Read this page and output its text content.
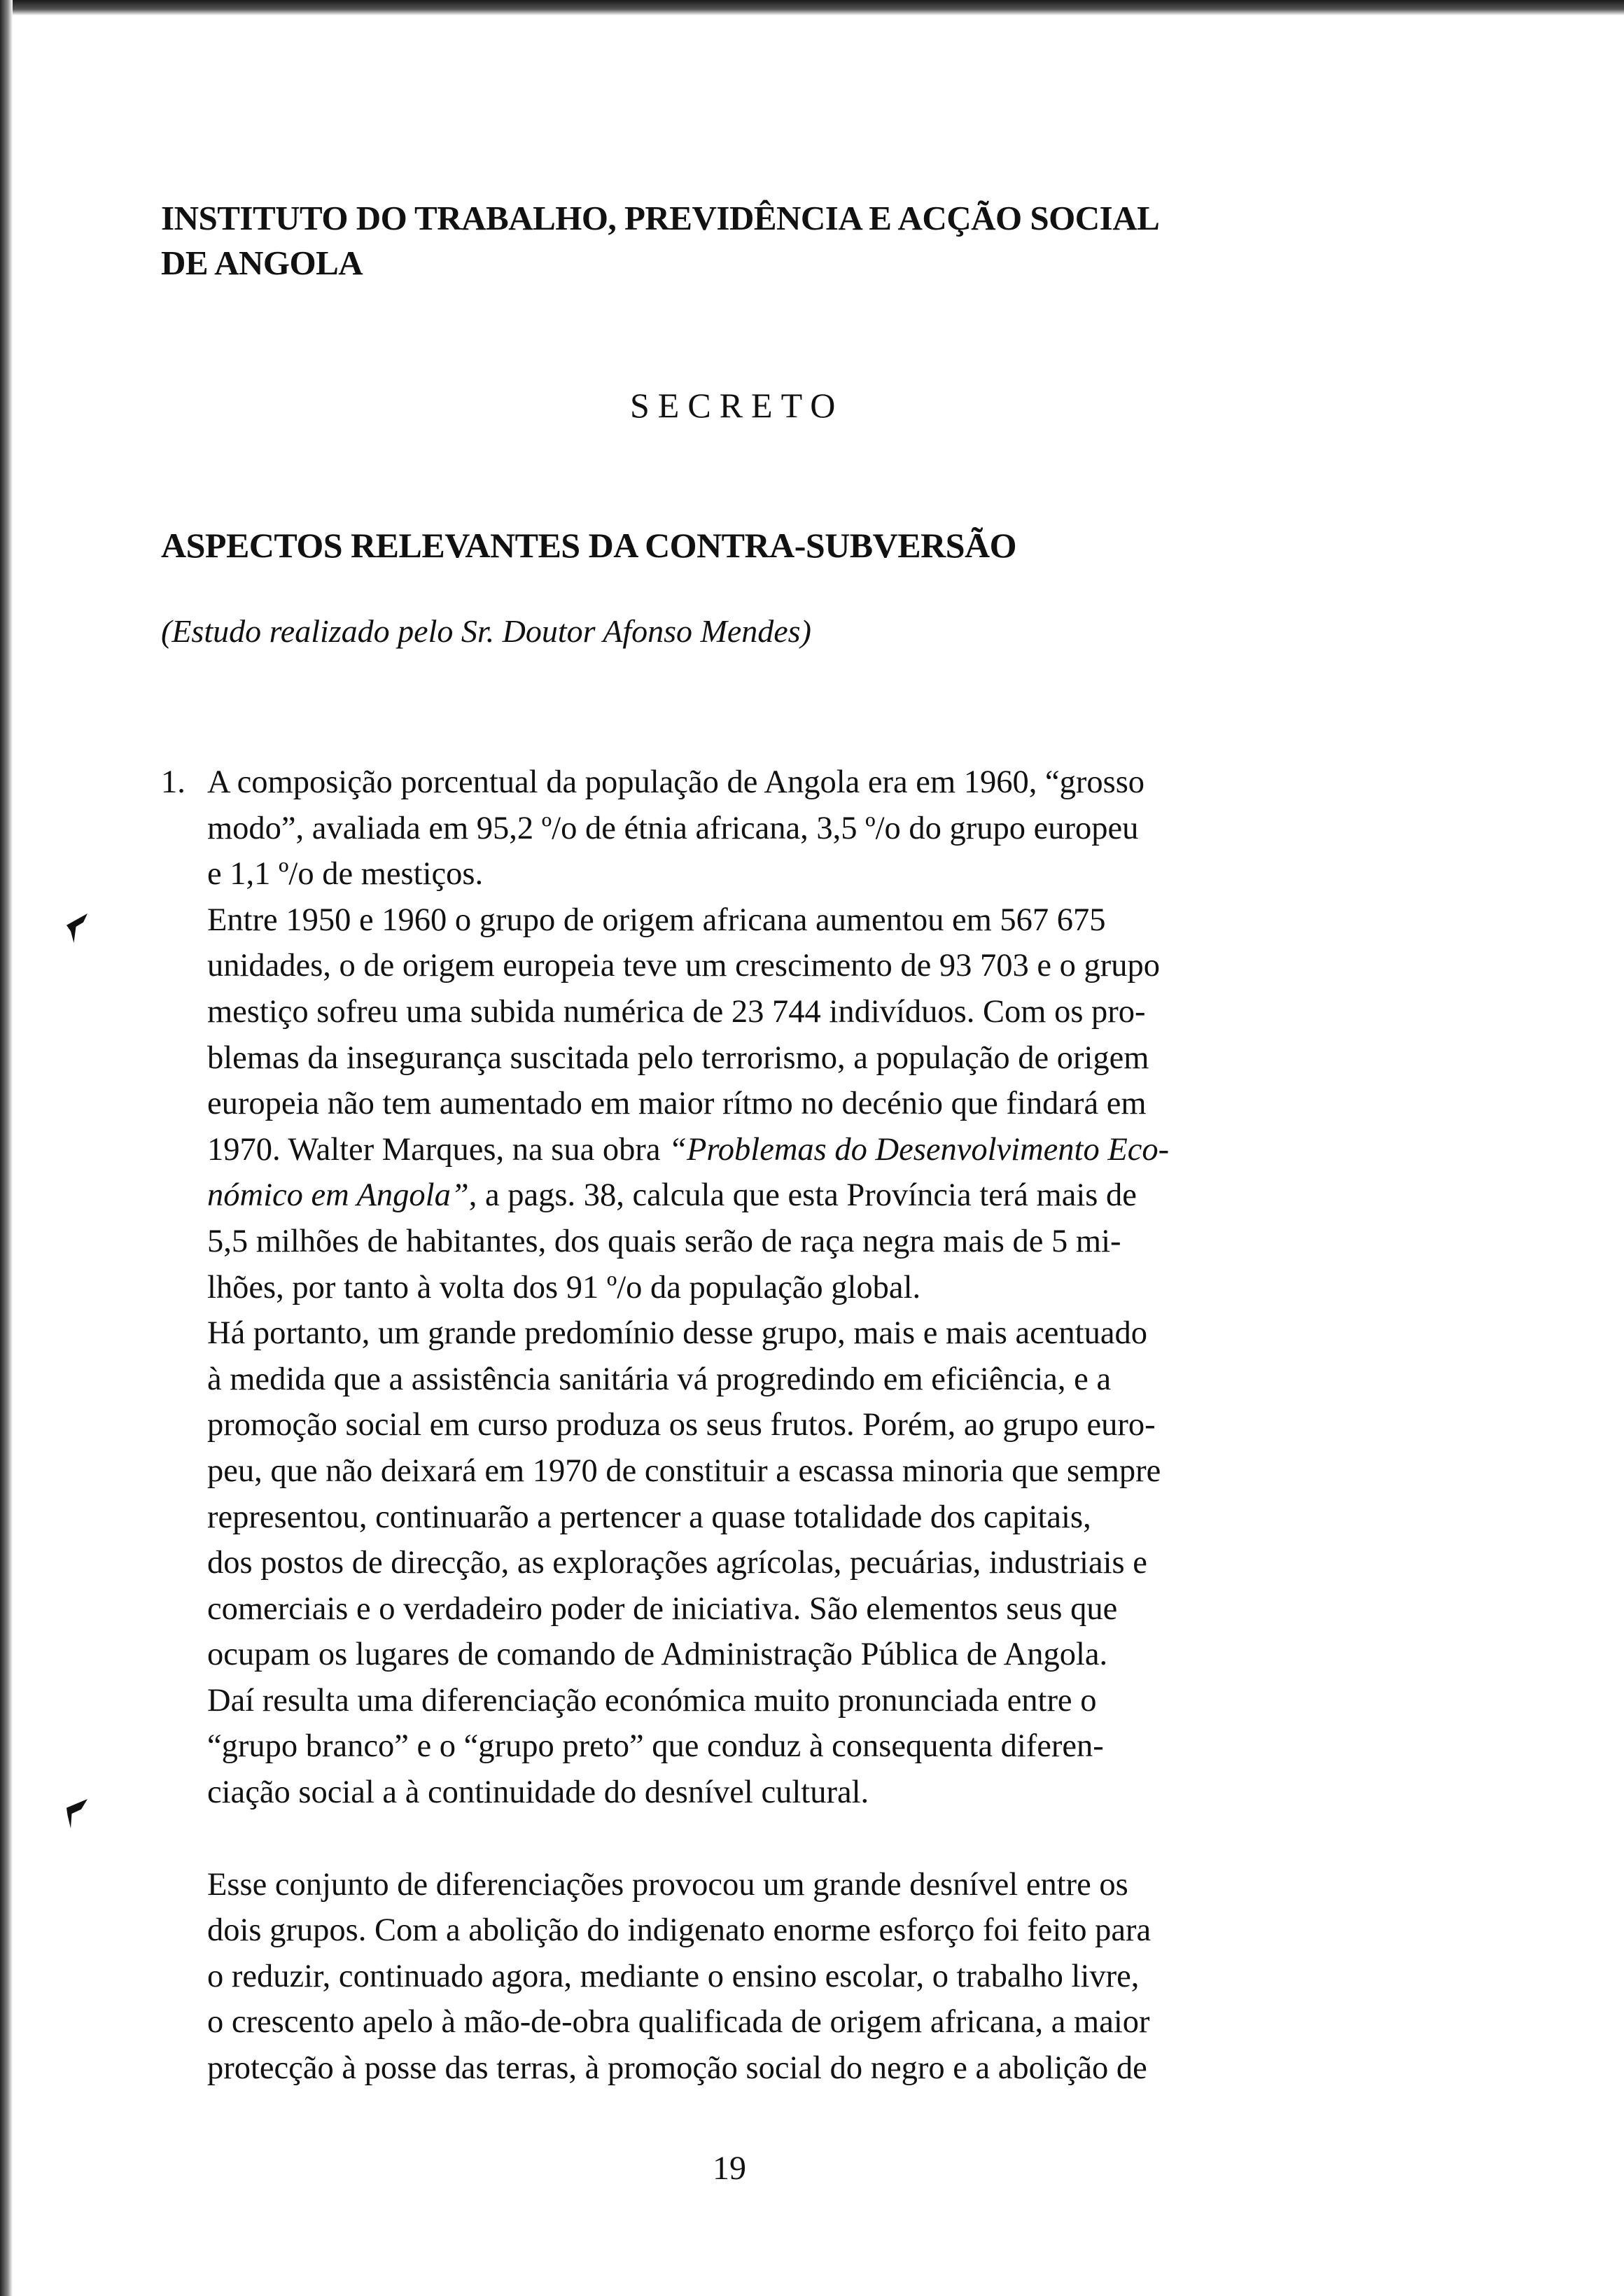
INSTITUTO DO TRABALHO, PREVIDÊNCIA E ACÇÃO SOCIAL

DE ANGOLA

SECRETO

ASPECTOS RELEVANTES DA CONTRA-SUBVERSÃO

(Estudo realizado pelo Sr. Doutor Afonso Mendes)

1. A composição porcentual da população de Angola era em 1960, “grosso
modo”, avaliada em 95,2 º/o de étnia africana, 3,5 º/o do grupo europeu
e 1,1 º/o de mestiços.
Entre 1950 e 1960 o grupo de origem africana aumentou em 567 675
unidades, o de origem europeia teve um crescimento de 93 703 e o grupo
mestiço sofreu uma subida numérica de 23 744 indivíduos. Com os pro-
blemas da insegurança suscitada pelo terrorismo, a população de origem
europeia não tem aumentado em maior rítmo no decénio que findará em
1970. Walter Marques, na sua obra “Problemas do Desenvolvimento Eco-
nómico em Angola”, a pags. 38, calcula que esta Província terá mais de
5,5 milhões de habitantes, dos quais serão de raça negra mais de 5 mi-
lhões, por tanto à volta dos 91 º/o da população global.
Há portanto, um grande predomínio desse grupo, mais e mais acentuado
à medida que a assistência sanitária vá progredindo em eficiência, e a
promoção social em curso produza os seus frutos. Porém, ao grupo euro-
peu, que não deixará em 1970 de constituir a escassa minoria que sempre
representou, continuarão a pertencer a quase totalidade dos capitais,
dos postos de direcção, as explorações agrícolas, pecuárias, industriais e
comerciais e o verdadeiro poder de iniciativa. São elementos seus que
ocupam os lugares de comando de Administração Pública de Angola.
Daí resulta uma diferenciação económica muito pronunciada entre o
“grupo branco” e o “grupo preto” que conduz à consequenta diferen-
ciação social a à continuidade do desnível cultural.
Esse conjunto de diferenciações provocou um grande desnível entre os
dois grupos. Com a abolição do indigenato enorme esforço foi feito para
o reduzir, continuado agora, mediante o ensino escolar, o trabalho livre,
o crescento apelo à mão-de-obra qualificada de origem africana, a maior
protecção à posse das terras, à promoção social do negro e a abolição de

19
